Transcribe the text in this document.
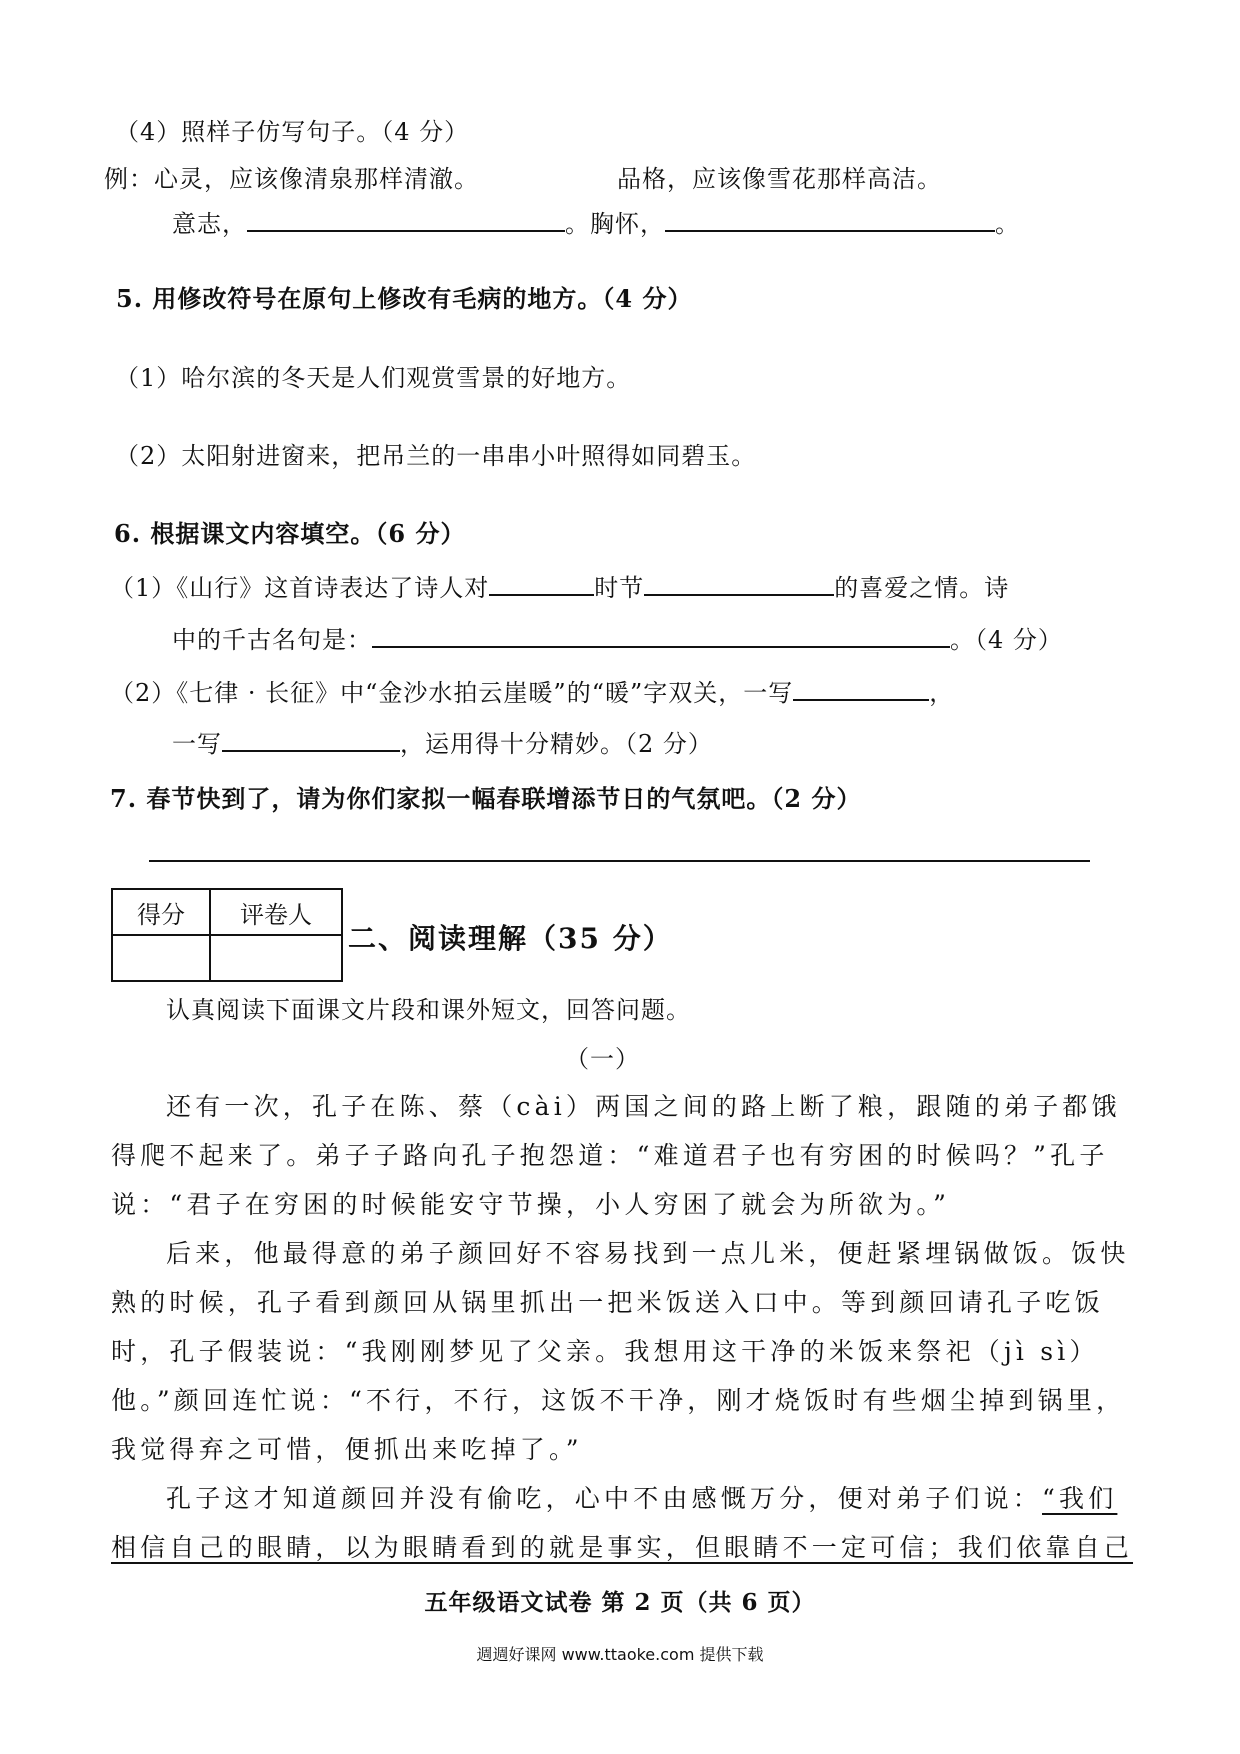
（4）照样子仿写句子。（4 分）
例：心灵，应该像清泉那样清澈。	品格，应该像雪花那样高洁。
意志，	。胸怀，	。
5. 用修改符号在原句上修改有毛病的地方。（4 分）
（1）哈尔滨的冬天是人们观赏雪景的好地方。
（2）太阳射进窗来，把吊兰的一串串小叶照得如同碧玉。
6. 根据课文内容填空。（6 分）
（1）《山行》这首诗表达了诗人对	时节	的喜爱之情。诗
中的千古名句是：	。（4 分）
（2）《七律 · 长征》中“金沙水拍云崖暖”的“暖”字双关，一写	，
一写	，运用得十分精妙。（2 分）
7. 春节快到了，请为你们家拟一幅春联增添节日的气氛吧。（2 分）
得分	评卷人

二、阅读理解（35 分）
认真阅读下面课文片段和课外短文，回答问题。
（一）
还有一次，孔子在陈、蔡（cài）两国之间的路上断了粮，跟随的弟子都饿
得爬不起来了。弟子子路向孔子抱怨道：“难道君子也有穷困的时候吗？”孔子
说：“君子在穷困的时候能安守节操，小人穷困了就会为所欲为。”
后来，他最得意的弟子颜回好不容易找到一点儿米，便赶紧埋锅做饭。饭快
熟的时候，孔子看到颜回从锅里抓出一把米饭送入口中。等到颜回请孔子吃饭
时，孔子假装说：“我刚刚梦见了父亲。我想用这干净的米饭来祭祀（jì sì）
他。”颜回连忙说：“不行，不行，这饭不干净，刚才烧饭时有些烟尘掉到锅里，
我觉得弃之可惜，便抓出来吃掉了。”
孔子这才知道颜回并没有偷吃，心中不由感慨万分，便对弟子们说：“我们
相信自己的眼睛，以为眼睛看到的就是事实，但眼睛不一定可信；我们依靠自己
五年级语文试卷 第 2 页（共 6 页）
週週好课网 www.ttaoke.com 提供下载
